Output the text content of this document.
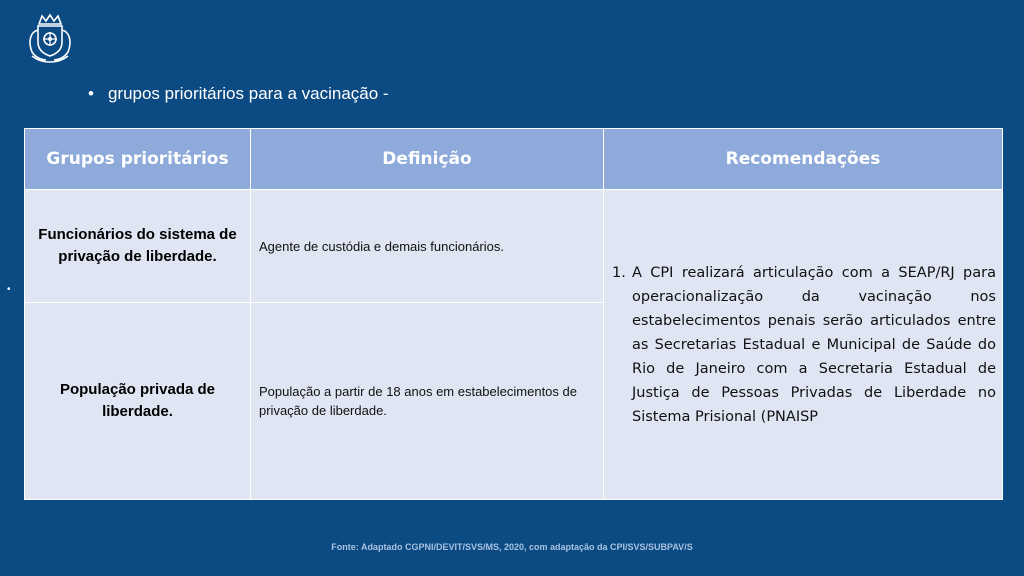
• grupos prioritários para a vacinação -
•
Grupos prioritários	Definição	Recomendações
Funcionários do sistema de privação de liberdade.	Agente de custódia e demais funcionários.	1. A CPI realizará articulação com a SEAP/RJ para operacionalização da vacinação nos estabelecimentos penais serão articulados entre as Secretarias Estadual e Municipal de Saúde do Rio de Janeiro com a Secretaria Estadual de Justiça de Pessoas Privadas de Liberdade no Sistema Prisional (PNAISP

População privada de liberdade.	População a partir de 18 anos em estabelecimentos de privação de liberdade.	
Fonte: Adaptado CGPNI/DEVIT/SVS/MS, 2020, com adaptação da CPI/SVS/SUBPAV/S
